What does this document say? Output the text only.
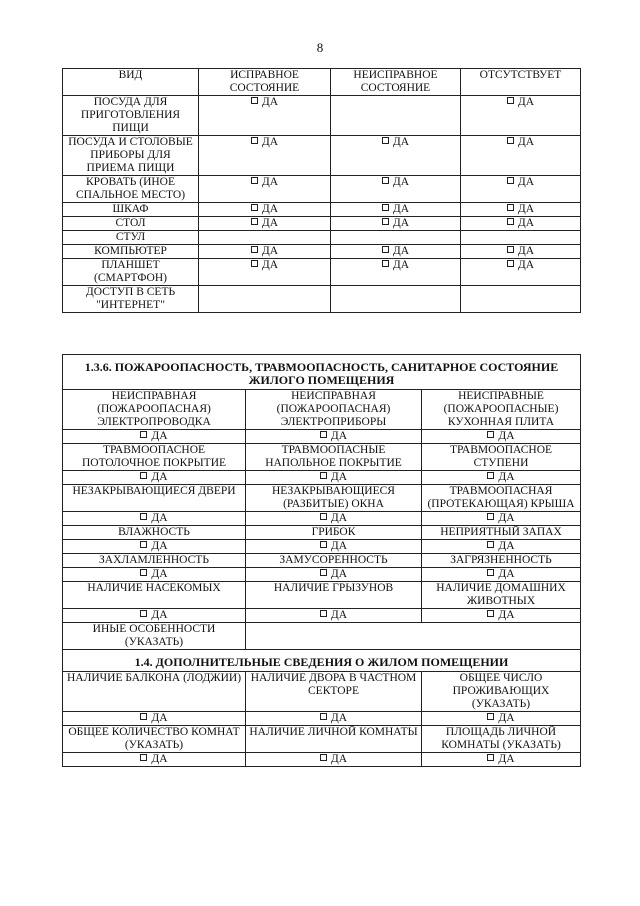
8
ВИД	ИСПРАВНОЕ СОСТОЯНИЕ	НЕИСПРАВНОЕ СОСТОЯНИЕ	ОТСУТСТВУЕТ
ПОСУДА ДЛЯ ПРИГОТОВЛЕНИЯ ПИЩИ	ДА		ДА
ПОСУДА И СТОЛОВЫЕ ПРИБОРЫ ДЛЯ ПРИЕМА ПИЩИ	ДА	ДА	ДА
КРОВАТЬ (ИНОЕ СПАЛЬНОЕ МЕСТО)	ДА	ДА	ДА
ШКАФ	ДА	ДА	ДА
СТОЛ	ДА	ДА	ДА
СТУЛ			
КОМПЬЮТЕР	ДА	ДА	ДА
ПЛАНШЕТ (СМАРТФОН)	ДА	ДА	ДА
ДОСТУП В СЕТЬ "ИНТЕРНЕТ"			
1.3.6. ПОЖАРООПАСНОСТЬ, ТРАВМООПАСНОСТЬ, САНИТАРНОЕ СОСТОЯНИЕ ЖИЛОГО ПОМЕЩЕНИЯ		
НЕИСПРАВНАЯ (ПОЖАРООПАСНАЯ) ЭЛЕКТРОПРОВОДКА	НЕИСПРАВНАЯ (ПОЖАРООПАСНАЯ) ЭЛЕКТРОПРИБОРЫ	НЕИСПРАВНЫЕ (ПОЖАРООПАСНЫЕ) КУХОННАЯ ПЛИТА
ДА	ДА	ДА
ТРАВМООПАСНОЕ ПОТОЛОЧНОЕ ПОКРЫТИЕ	ТРАВМООПАСНЫЕ НАПОЛЬНОЕ ПОКРЫТИЕ	ТРАВМООПАСНОЕ СТУПЕНИ
ДА	ДА	ДА
НЕЗАКРЫВАЮЩИЕСЯ ДВЕРИ	НЕЗАКРЫВАЮЩИЕСЯ (РАЗБИТЫЕ) ОКНА	ТРАВМООПАСНАЯ (ПРОТЕКАЮЩАЯ) КРЫША
ДА	ДА	ДА
ВЛАЖНОСТЬ	ГРИБОК	НЕПРИЯТНЫЙ ЗАПАХ
ДА	ДА	ДА
ЗАХЛАМЛЕННОСТЬ	ЗАМУСОРЕННОСТЬ	ЗАГРЯЗНЕННОСТЬ
ДА	ДА	ДА
НАЛИЧИЕ НАСЕКОМЫХ	НАЛИЧИЕ ГРЫЗУНОВ	НАЛИЧИЕ ДОМАШНИХ ЖИВОТНЫХ
ДА	ДА	ДА
ИНЫЕ ОСОБЕННОСТИ (УКАЗАТЬ)		
1.4. ДОПОЛНИТЕЛЬНЫЕ СВЕДЕНИЯ О ЖИЛОМ ПОМЕЩЕНИИ		
НАЛИЧИЕ БАЛКОНА (ЛОДЖИИ)	НАЛИЧИЕ ДВОРА В ЧАСТНОМ СЕКТОРЕ	ОБЩЕЕ ЧИСЛО ПРОЖИВАЮЩИХ (УКАЗАТЬ)
ДА	ДА	ДА
ОБЩЕЕ КОЛИЧЕСТВО КОМНАТ (УКАЗАТЬ)	НАЛИЧИЕ ЛИЧНОЙ КОМНАТЫ	ПЛОЩАДЬ ЛИЧНОЙ КОМНАТЫ (УКАЗАТЬ)
ДА	ДА	ДА
